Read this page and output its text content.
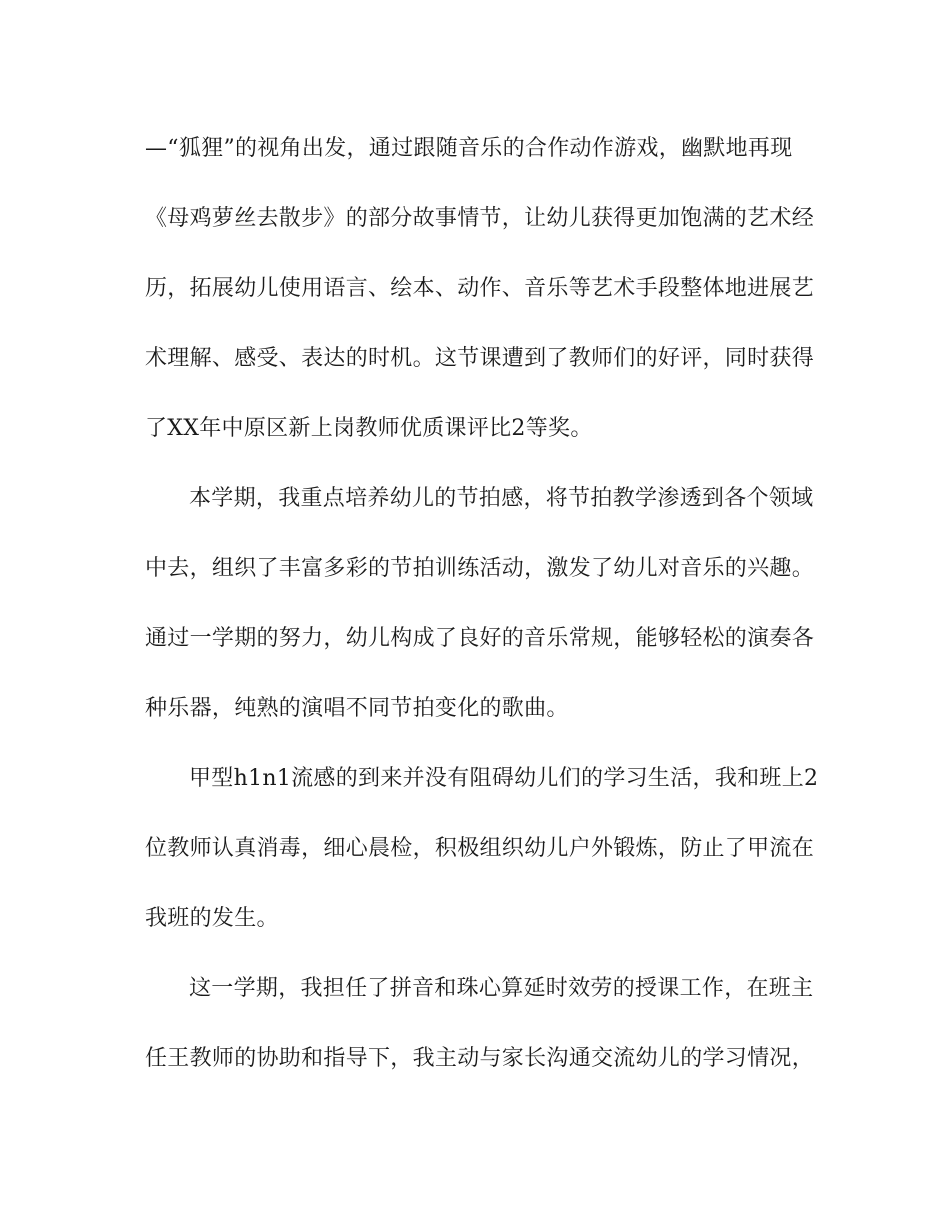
—“狐狸”的视角出发，通过跟随音乐的合作动作游戏，幽默地再现
《母鸡萝丝去散步》的部分故事情节，让幼儿获得更加饱满的艺术经
历，拓展幼儿使用语言、绘本、动作、音乐等艺术手段整体地进展艺
术理解、感受、表达的时机。这节课遭到了教师们的好评，同时获得
了XX年中原区新上岗教师优质课评比2等奖。
本学期，我重点培养幼儿的节拍感，将节拍教学渗透到各个领域
中去，组织了丰富多彩的节拍训练活动，激发了幼儿对音乐的兴趣。
通过一学期的努力，幼儿构成了良好的音乐常规，能够轻松的演奏各
种乐器，纯熟的演唱不同节拍变化的歌曲。
甲型h1n1流感的到来并没有阻碍幼儿们的学习生活，我和班上2
位教师认真消毒，细心晨检，积极组织幼儿户外锻炼，防止了甲流在
我班的发生。
这一学期，我担任了拼音和珠心算延时效劳的授课工作，在班主
任王教师的协助和指导下，我主动与家长沟通交流幼儿的学习情况，
